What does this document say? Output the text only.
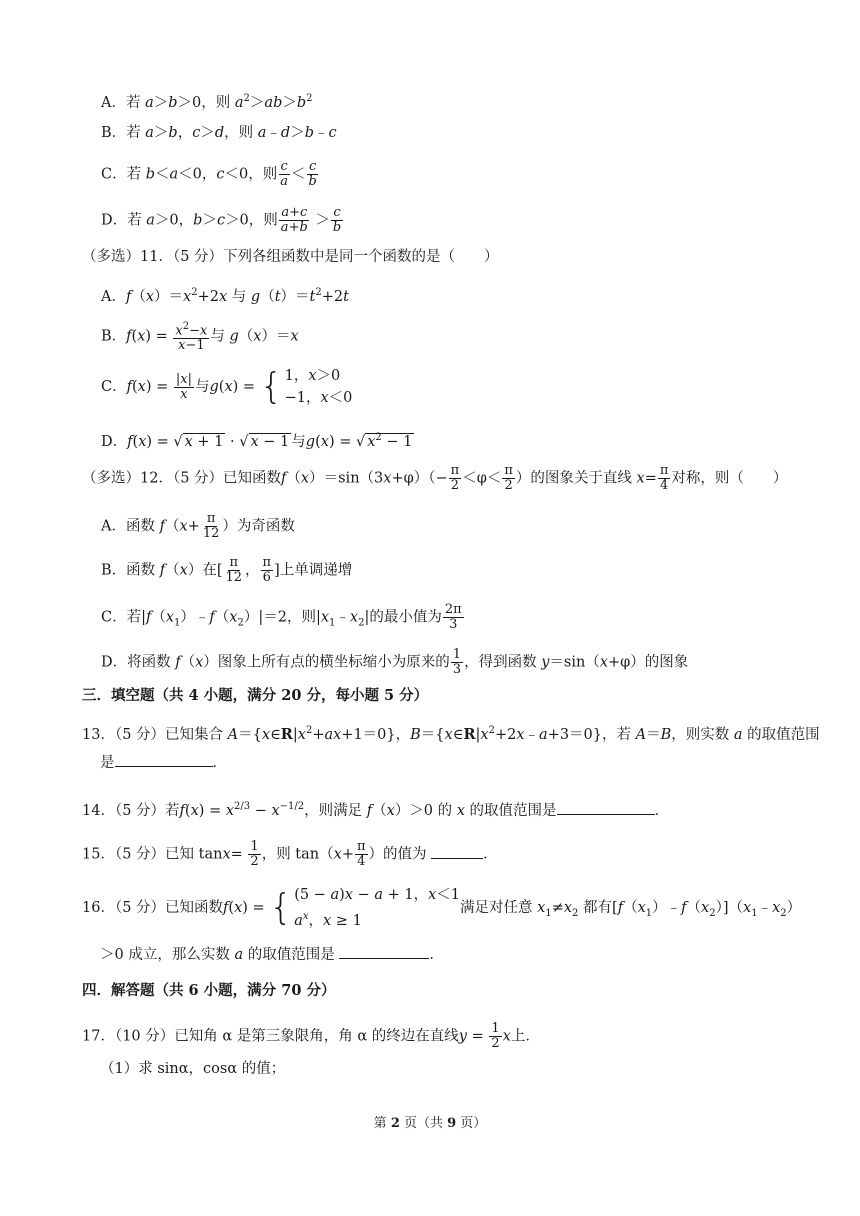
A．若 a＞b＞0，则 $a^2>ab>b^2$
B．若 a＞b，c＞d，则 a﹣d＞b﹣c
C．若 b＜a＜0，c＜0，则 $\frac{c}{a} < \frac{c}{b}$
D．若 a＞0，b＞c＞0，则 $\frac{a+c}{a+b} > \frac{c}{b}$
（多选）11．（5 分）下列各组函数中是同一个函数的是（　　）
A．$f(x)=x^2+2x$ 与 $g(t)=t^2+2t$
B．$f(x) = \frac{x^2-x}{x-1}$ 与 g（x）＝x
C．$f(x) = \frac{|x|}{x}$ 与g(x) = { 1，x＞0
−1，x＜0
D．f(x) = √ x + 1 · √ x − 1 与g(x) = √ $x^2 - 1$
（多选）12．（5 分）已知函数$f(x)=\sin(3x+\varphi)(- \frac{\pi}{2} <\varphi< \frac{\pi}{2}$ ）的图象关于直线 $x= \frac{\pi}{4}$ 对称，则（　　）
A．函数 $f(x+ \frac{\pi}{12}$ ）为奇函数
B．函数 f（x）在[ $\frac{\pi}{12}$ ， $\frac{\pi}{6}$ ]上单调递增
C．若$|f(x_1)﹣f(x_2)|=2$，则$|x_1﹣x_2|$的最小值为 $\frac{2\pi}{3}$
D．将函数 f（x）图象上所有点的横坐标缩小为原来的 $\frac{1}{3}$ ，得到函数 y＝sin（x+φ）的图象
三．填空题（共 4 小题，满分 20 分，每小题 5 分）
13．（5 分）已知集合 $A=\{x\in R|x^2+ax+1=0\}$，$B=\{x\in R|x^2+2x﹣a+3=0\}$，若 A＝B，则实数 a 的取值范围
是	．
14．（5 分）若$f(x) = x^{2/3} - x^{-1/2}$，则满足 f（x）＞0 的 x 的取值范围是	．
15．（5 分）已知 $\tan x= \frac{1}{2}$ ，则 $\tan(x+ \frac{\pi}{4}$ ）的值为	．
16．（5 分）已知函数f(x) = { (5 − a)x − a + 1，x＜1
$a^x$，x ≥ 1
满足对任意 $x_1\ne x_2$ 都有$[f(x_1)﹣f(x_2)](x_1﹣x_2)$
＞0 成立，那么实数 a 的取值范围是	．
四．解答题（共 6 小题，满分 70 分）
17．（10 分）已知角 α 是第三象限角，角 α 的终边在直线$y = \frac{1}{2}$ x上．
（1）求 sinα，cosα 的值；
第 2 页（共 9 页）
